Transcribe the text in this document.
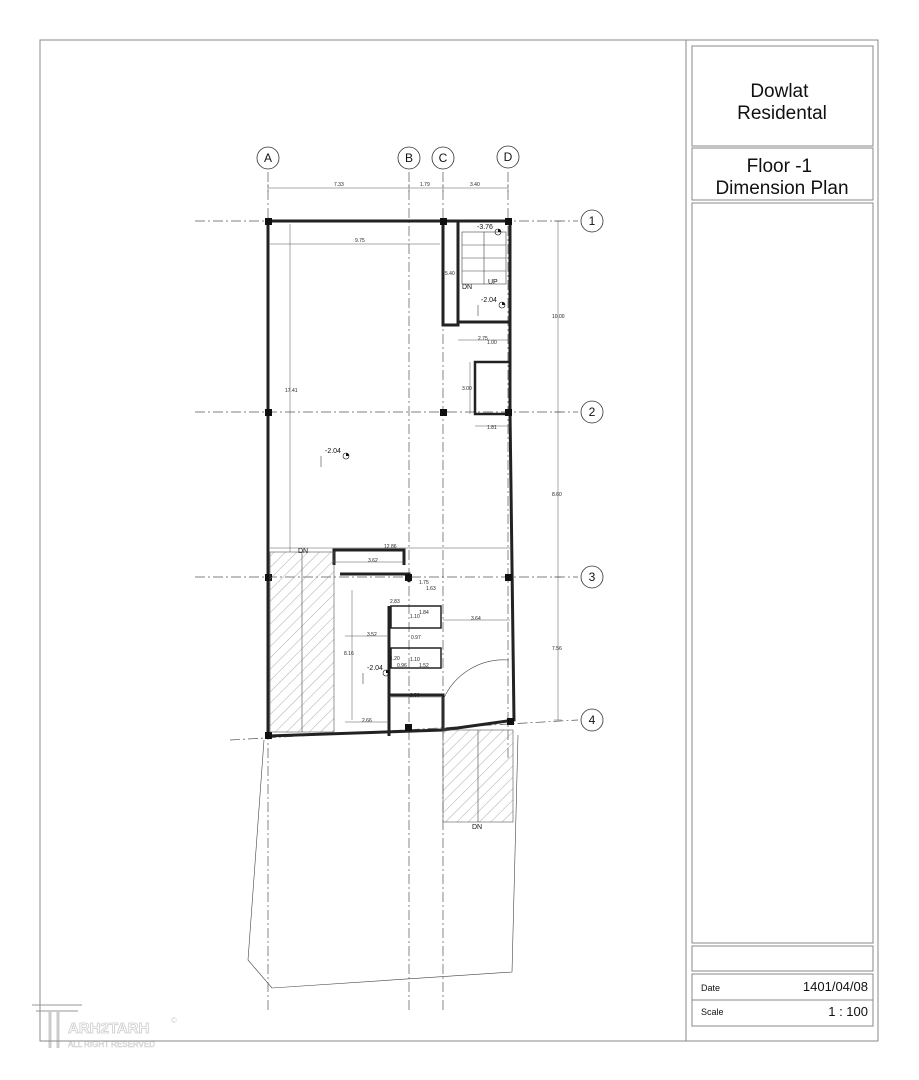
Dowlat Residental
Floor -1 Dimension Plan
Date	1401/04/08
Scale	1 : 100
A	B C	D
1
2
3
4
7.33	1.79	3.40
10.00
8.60
7.56
UP
DN
9.75
17.41
5.40
2.75
1.00
3.00
1.81
12.86
3.62
1.75
1.63
2.83
1.84
1.10
0.97
3.52
3.64
8.16
1.20 1.10
0.96 1.52
2.50
2.66
-3.76
-2.04
-2.04
-2.04
DN
DN
ARH2TARH
ALL RIGHT RESERVED
©
